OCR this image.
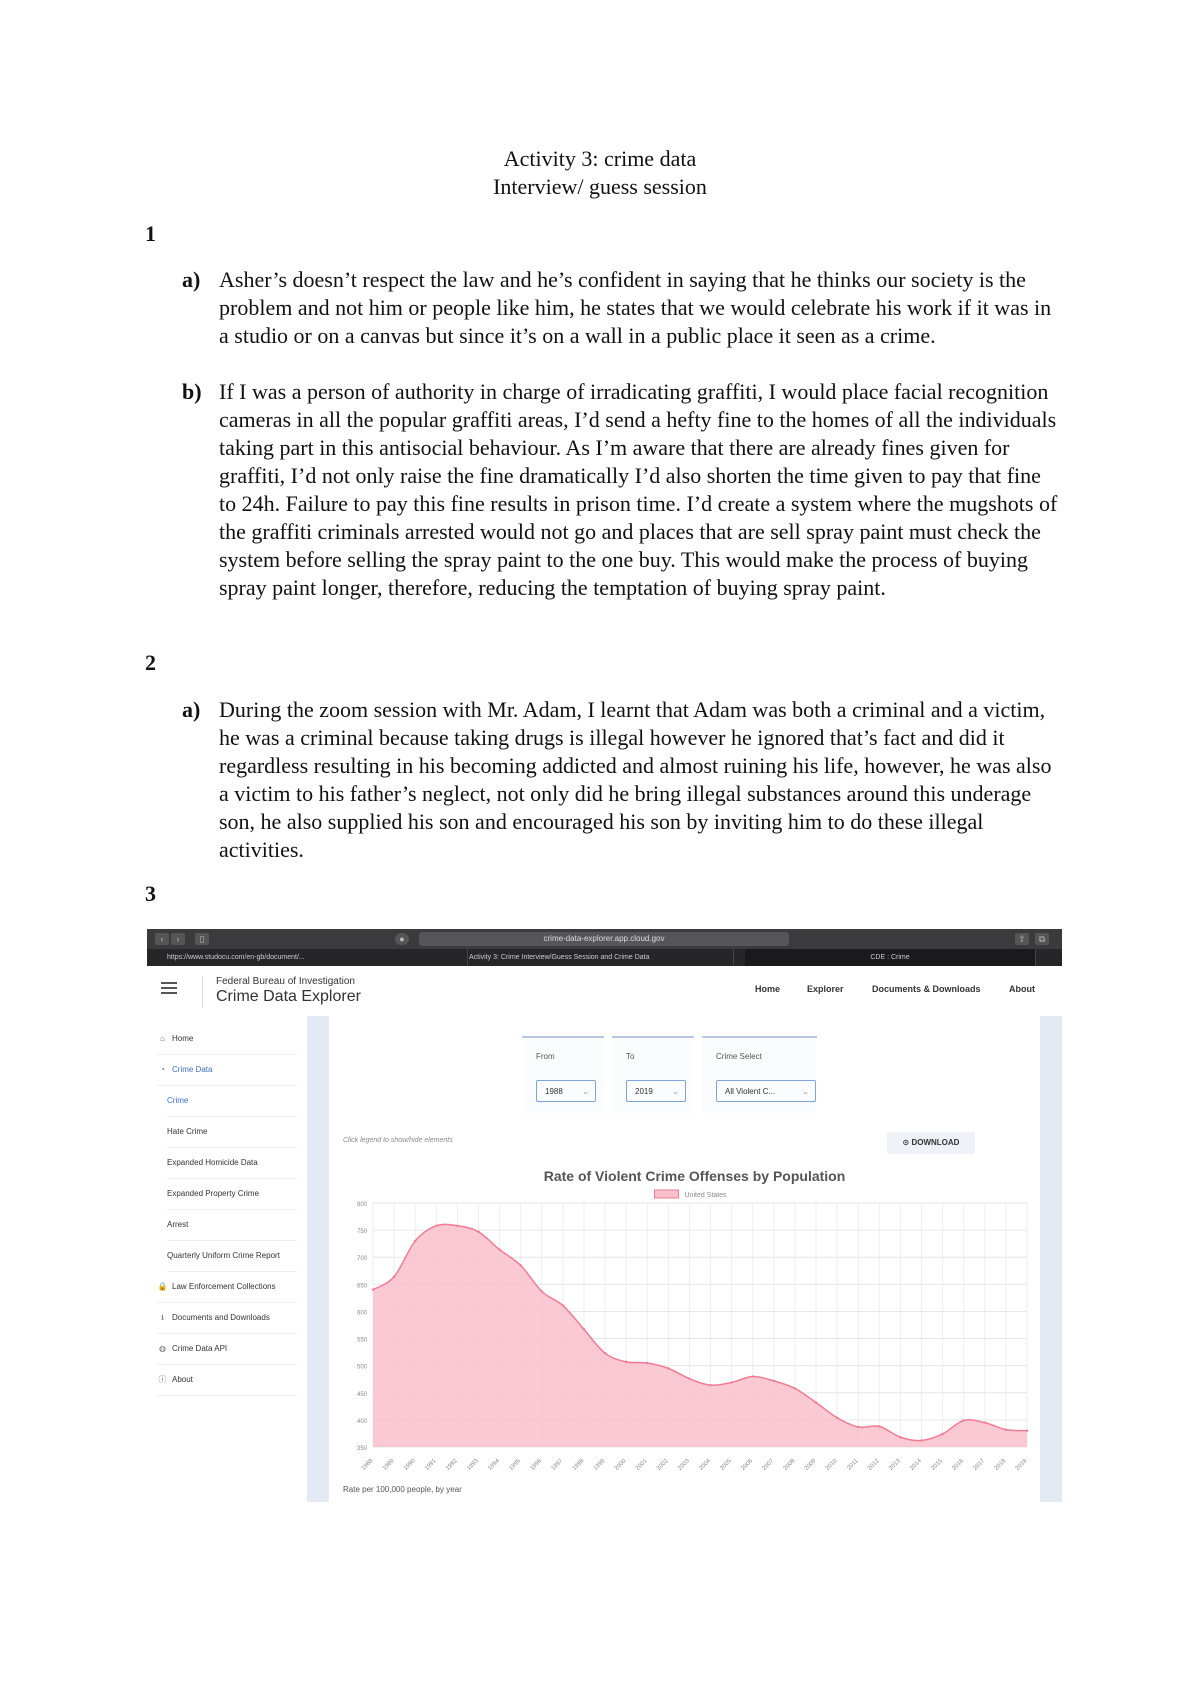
Activity 3: crime data
Interview/ guess session
1
a) Asher’s doesn’t respect the law and he’s confident in saying that he thinks our society is the problem and not him or people like him, he states that we would celebrate his work if it was in a studio or on a canvas but since it’s on a wall in a public place it seen as a crime.
b) If I was a person of authority in charge of irradicating graffiti, I would place facial recognition cameras in all the popular graffiti areas, I’d send a hefty fine to the homes of all the individuals taking part in this antisocial behaviour. As I’m aware that there are already fines given for graffiti, I’d not only raise the fine dramatically I’d also shorten the time given to pay that fine to 24h. Failure to pay this fine results in prison time. I’d create a system where the mugshots of the graffiti criminals arrested would not go and places that are sell spray paint must check the system before selling the spray paint to the one buy. This would make the process of buying spray paint longer, therefore, reducing the temptation of buying spray paint.
2
a) During the zoom session with Mr. Adam, I learnt that Adam was both a criminal and a victim, he was a criminal because taking drugs is illegal however he ignored that’s fact and did it regardless resulting in his becoming addicted and almost ruining his life, however, he was also a victim to his father’s neglect, not only did he bring illegal substances around this underage son, he also supplied his son and encouraged his son by inviting him to do these illegal activities.
3
‹	›	▯	●	crime-data-explorer.app.cloud.gov	⇪	⧉
https://www.studocu.com/en-gb/document/...	Activity 3: Crime Interview/Guess Session and Crime Data	CDE : Crime
Federal Bureau of Investigation
Crime Data Explorer	Home	Explorer	Documents & Downloads	About
⌂ Home
◔ Crime Data
Crime
Hate Crime
Expanded Homicide Data
Expanded Property Crime
Arrest
Quarterly Uniform Crime Report
🔒 Law Enforcement Collections
⭳ Documents and Downloads
◍ Crime Data API
ⓘ About
From
1988 ⌄
To
2019 ⌄
Crime Select
All Violent C...	⌄
Click legend to show/hide elements	⊙ DOWNLOAD
Rate of Violent Crime Offenses by Population
United States
350
400
450
500
550
600
650
700
750
800
1988 1989 1990 1991 1992 1993 1994 1995 1996 1997 1998 1999 2000 2001 2002 2003 2004 2005 2006 2007 2008 2009 2010 2011 2012 2013 2014 2015 2016 2017 2018 2019
Rate per 100,000 people, by year
